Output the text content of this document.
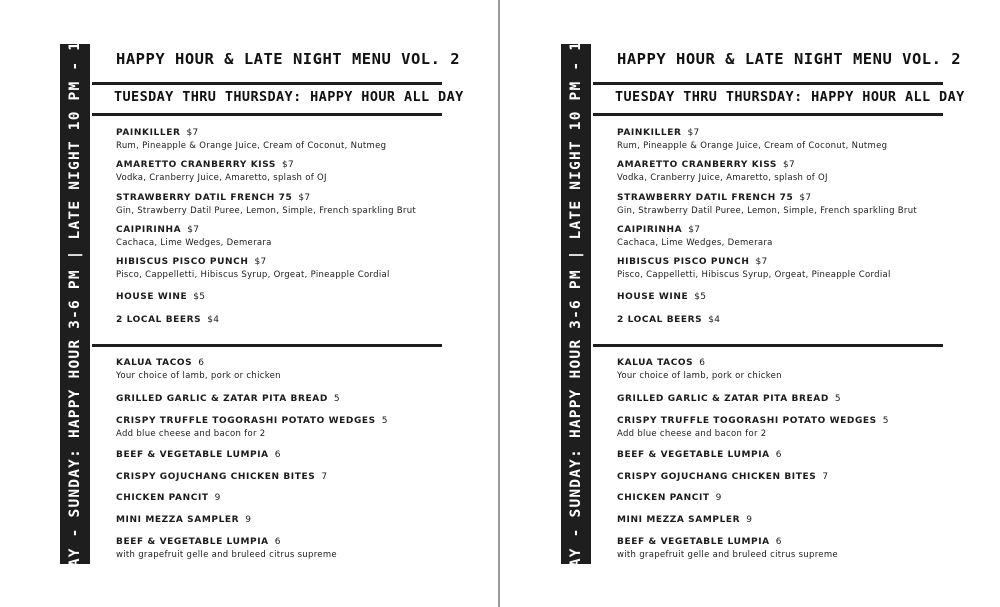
FRIDAY - SUNDAY: HAPPY HOUR 3-6 PM | LATE NIGHT 10 PM - 12 AM	HAPPY HOUR & LATE NIGHT MENU VOL. 2
TUESDAY THRU THURSDAY: HAPPY HOUR ALL DAY
PAINKILLER $7
Rum, Pineapple & Orange Juice, Cream of Coconut, Nutmeg
AMARETTO CRANBERRY KISS $7
Vodka, Cranberry Juice, Amaretto, splash of OJ
STRAWBERRY DATIL FRENCH 75 $7
Gin, Strawberry Datil Puree, Lemon, Simple, French sparkling Brut
CAIPIRINHA $7
Cachaca, Lime Wedges, Demerara
HIBISCUS PISCO PUNCH $7
Pisco, Cappelletti, Hibiscus Syrup, Orgeat, Pineapple Cordial
HOUSE WINE $5
2 LOCAL BEERS $4
KALUA TACOS 6
Your choice of lamb, pork or chicken
GRILLED GARLIC & ZATAR PITA BREAD 5
CRISPY TRUFFLE TOGORASHI POTATO WEDGES 5
Add blue cheese and bacon for 2
BEEF & VEGETABLE LUMPIA 6
CRISPY GOJUCHANG CHICKEN BITES 7
CHICKEN PANCIT 9
MINI MEZZA SAMPLER 9
BEEF & VEGETABLE LUMPIA 6
with grapefruit gelle and bruleed citrus supreme	FRIDAY - SUNDAY: HAPPY HOUR 3-6 PM | LATE NIGHT 10 PM - 12 AM	HAPPY HOUR & LATE NIGHT MENU VOL. 2
TUESDAY THRU THURSDAY: HAPPY HOUR ALL DAY
PAINKILLER $7
Rum, Pineapple & Orange Juice, Cream of Coconut, Nutmeg
AMARETTO CRANBERRY KISS $7
Vodka, Cranberry Juice, Amaretto, splash of OJ
STRAWBERRY DATIL FRENCH 75 $7
Gin, Strawberry Datil Puree, Lemon, Simple, French sparkling Brut
CAIPIRINHA $7
Cachaca, Lime Wedges, Demerara
HIBISCUS PISCO PUNCH $7
Pisco, Cappelletti, Hibiscus Syrup, Orgeat, Pineapple Cordial
HOUSE WINE $5
2 LOCAL BEERS $4
KALUA TACOS 6
Your choice of lamb, pork or chicken
GRILLED GARLIC & ZATAR PITA BREAD 5
CRISPY TRUFFLE TOGORASHI POTATO WEDGES 5
Add blue cheese and bacon for 2
BEEF & VEGETABLE LUMPIA 6
CRISPY GOJUCHANG CHICKEN BITES 7
CHICKEN PANCIT 9
MINI MEZZA SAMPLER 9
BEEF & VEGETABLE LUMPIA 6
with grapefruit gelle and bruleed citrus supreme
